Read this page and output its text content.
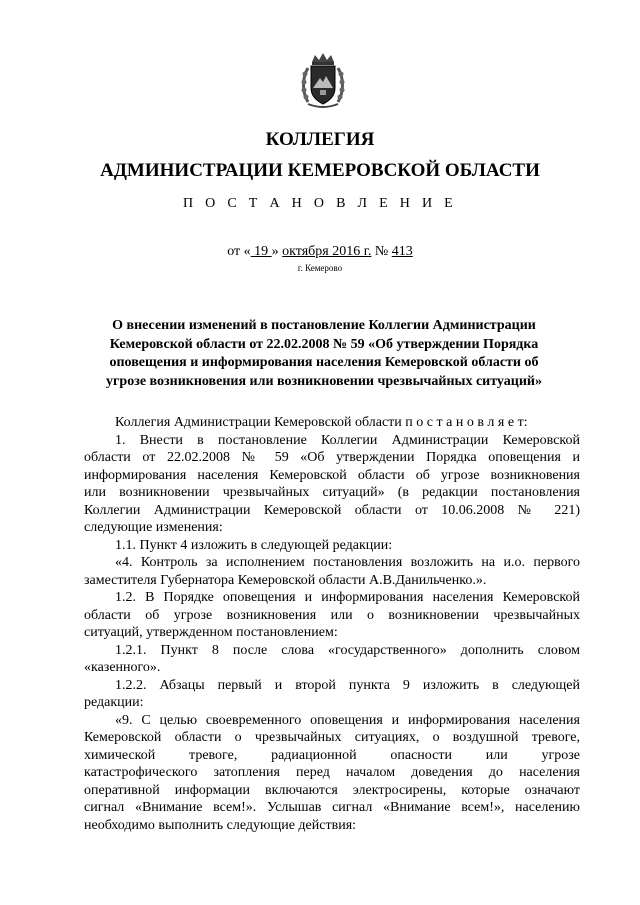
КОЛЛЕГИЯ
АДМИНИСТРАЦИИ КЕМЕРОВСКОЙ ОБЛАСТИ
П О С Т А Н О В Л Е Н И Е
от « 19 » октября 2016 г. № 413
г. Кемерово
О внесении изменений в постановление Коллегии Администрации
Кемеровской области от 22.02.2008 № 59 «Об утверждении Порядка
оповещения и информирования населения Кемеровской области об
угрозе возникновения или возникновении чрезвычайных ситуаций»
Коллегия Администрации Кемеровской области п о с т а н о в л я е т:
1. Внести в постановление Коллегии Администрации Кемеровской
области от 22.02.2008 № 59 «Об утверждении Порядка оповещения и
информирования населения Кемеровской области об угрозе возникновения
или возникновении чрезвычайных ситуаций» (в редакции постановления
Коллегии Администрации Кемеровской области от 10.06.2008 № 221)
следующие изменения:
1.1. Пункт 4 изложить в следующей редакции:
«4. Контроль за исполнением постановления возложить на и.о. первого
заместителя Губернатора Кемеровской области А.В.Данильченко.».
1.2. В Порядке оповещения и информирования населения Кемеровской
области об угрозе возникновения или о возникновении чрезвычайных
ситуаций, утвержденном постановлением:
1.2.1. Пункт 8 после слова «государственного» дополнить словом
«казенного».
1.2.2. Абзацы первый и второй пункта 9 изложить в следующей
редакции:
«9. С целью своевременного оповещения и информирования населения
Кемеровской области о чрезвычайных ситуациях, о воздушной тревоге,
химической тревоге, радиационной опасности или угрозе
катастрофического затопления перед началом доведения до населения
оперативной информации включаются электросирены, которые означают
сигнал «Внимание всем!». Услышав сигнал «Внимание всем!», населению
необходимо выполнить следующие действия:
